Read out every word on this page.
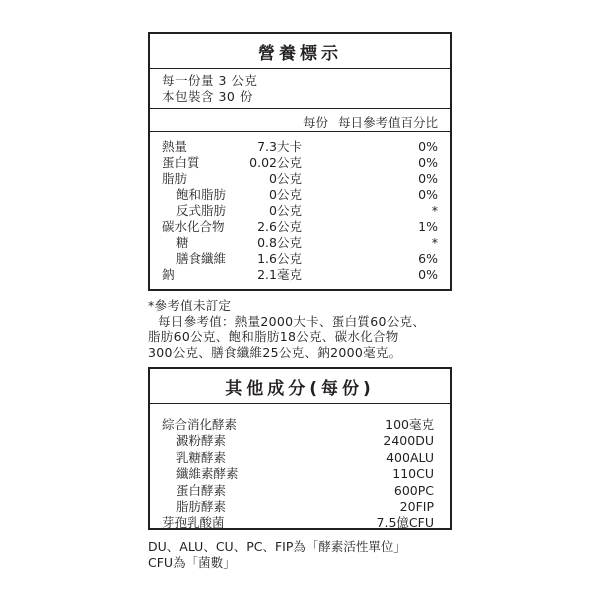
營養標示
每一份量 3 公克
本包裝含 30 份
每份 每日參考值百分比
熱量	7.3大卡	0%
蛋白質	0.02公克	0%
脂肪	0公克	0%
飽和脂肪	0公克	0%
反式脂肪	0公克	*
碳水化合物	2.6公克	1%
糖	0.8公克	*
膳食纖維 1.6公克	6%
鈉	2.1毫克	0%
*參考值未訂定
每日參考值：熱量2000大卡、蛋白質60公克、
脂肪60公克、飽和脂肪18公克、碳水化合物
300公克、膳食纖維25公克、鈉2000毫克。
其他成分(每份)
綜合消化酵素	100毫克
澱粉酵素	2400DU
乳糖酵素	400ALU
纖維素酵素	110CU
蛋白酵素	600PC
脂肪酵素	20FIP
芽孢乳酸菌	7.5億CFU
DU、ALU、CU、PC、FIP為「酵素活性單位」
CFU為「菌數」
